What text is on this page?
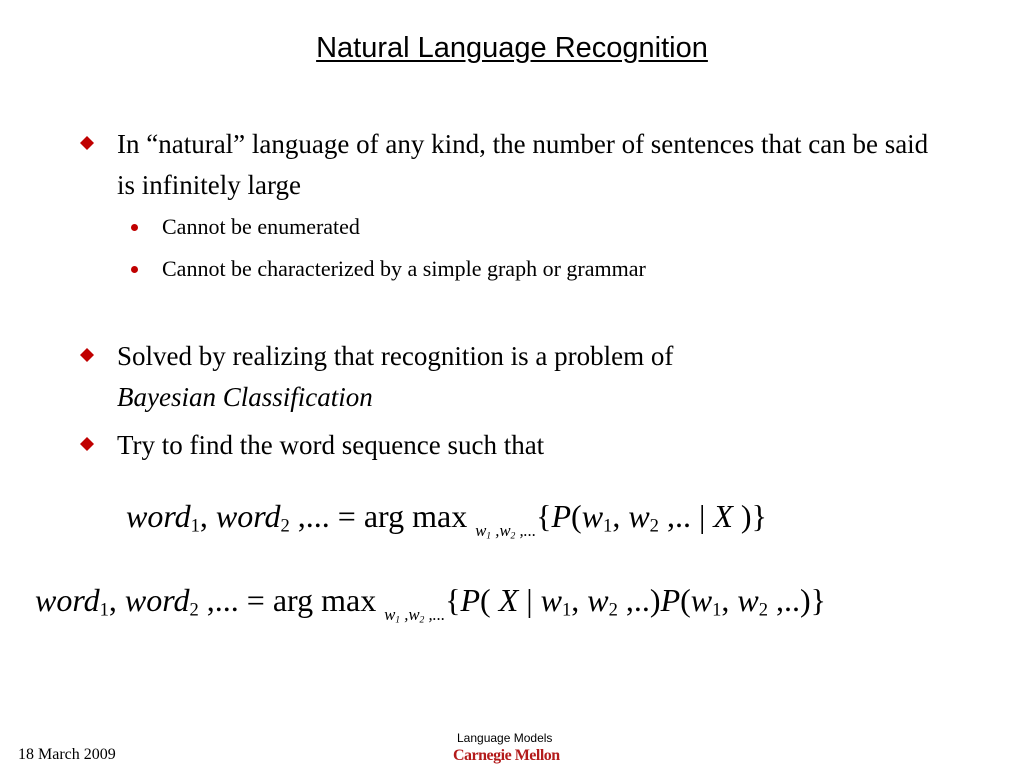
Natural Language Recognition
In “natural” language of any kind, the number of sentences that can be said is infinitely large
Cannot be enumerated
Cannot be characterized by a simple graph or grammar
Solved by realizing that recognition is a problem of
Bayesian Classification
Try to find the word sequence such that
word$_1$, word$_2$ ,... = arg $\max _{w_1 ,w_2 ,...}\{P(w_1$, $w_2$ ,.. | X )}
word$_1$, word$_2$ ,... = arg max $_{w_1 ,w_2 ,...}${P( X | $w_1$, $w_2$ $,..)P(w_1$, $w_2$ ,..)}
18 March 2009
Language Models
Carnegie Mellon
